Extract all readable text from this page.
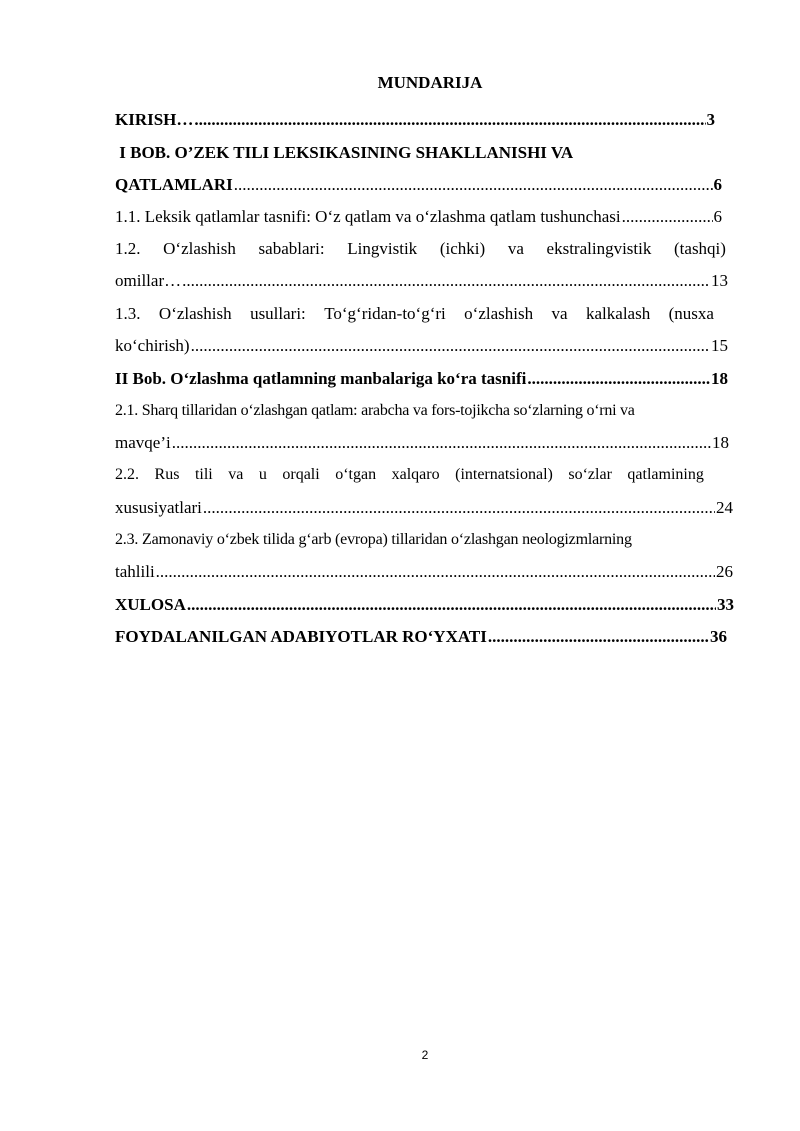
MUNDARIJA
KIRISH… .....	3
I BOB. O’ZEK TILI LEKSIKASINING SHAKLLANISHI VA
QATLAMLARI .....	6
1.1. Leksik qatlamlar tasnifi: O‘z qatlam va o‘zlashma qatlam tushunchasi .....	6
1.2. O‘zlashish sabablari: Lingvistik (ichki) va ekstralingvistik (tashqi)
omillar… .....	13
1.3. O‘zlashish usullari: To‘g‘ridan-to‘g‘ri o‘zlashish va kalkalash (nusxa
ko‘chirish) .....	15
II Bob. O‘zlashma qatlamning manbalariga ko‘ra tasnifi .....	18
2.1. Sharq tillaridan o‘zlashgan qatlam: arabcha va fors-tojikcha so‘zlarning o‘rni va
mavqe’i .....	18
2.2. Rus tili va u orqali o‘tgan xalqaro (internatsional) so‘zlar qatlamining
xususiyatlari .....	24
2.3. Zamonaviy o‘zbek tilida g‘arb (evropa) tillaridan o‘zlashgan neologizmlarning
tahlili .....	26
XULOSA .....	33
FOYDALANILGAN ADABIYOTLAR RO‘YXATI .....	36
2
